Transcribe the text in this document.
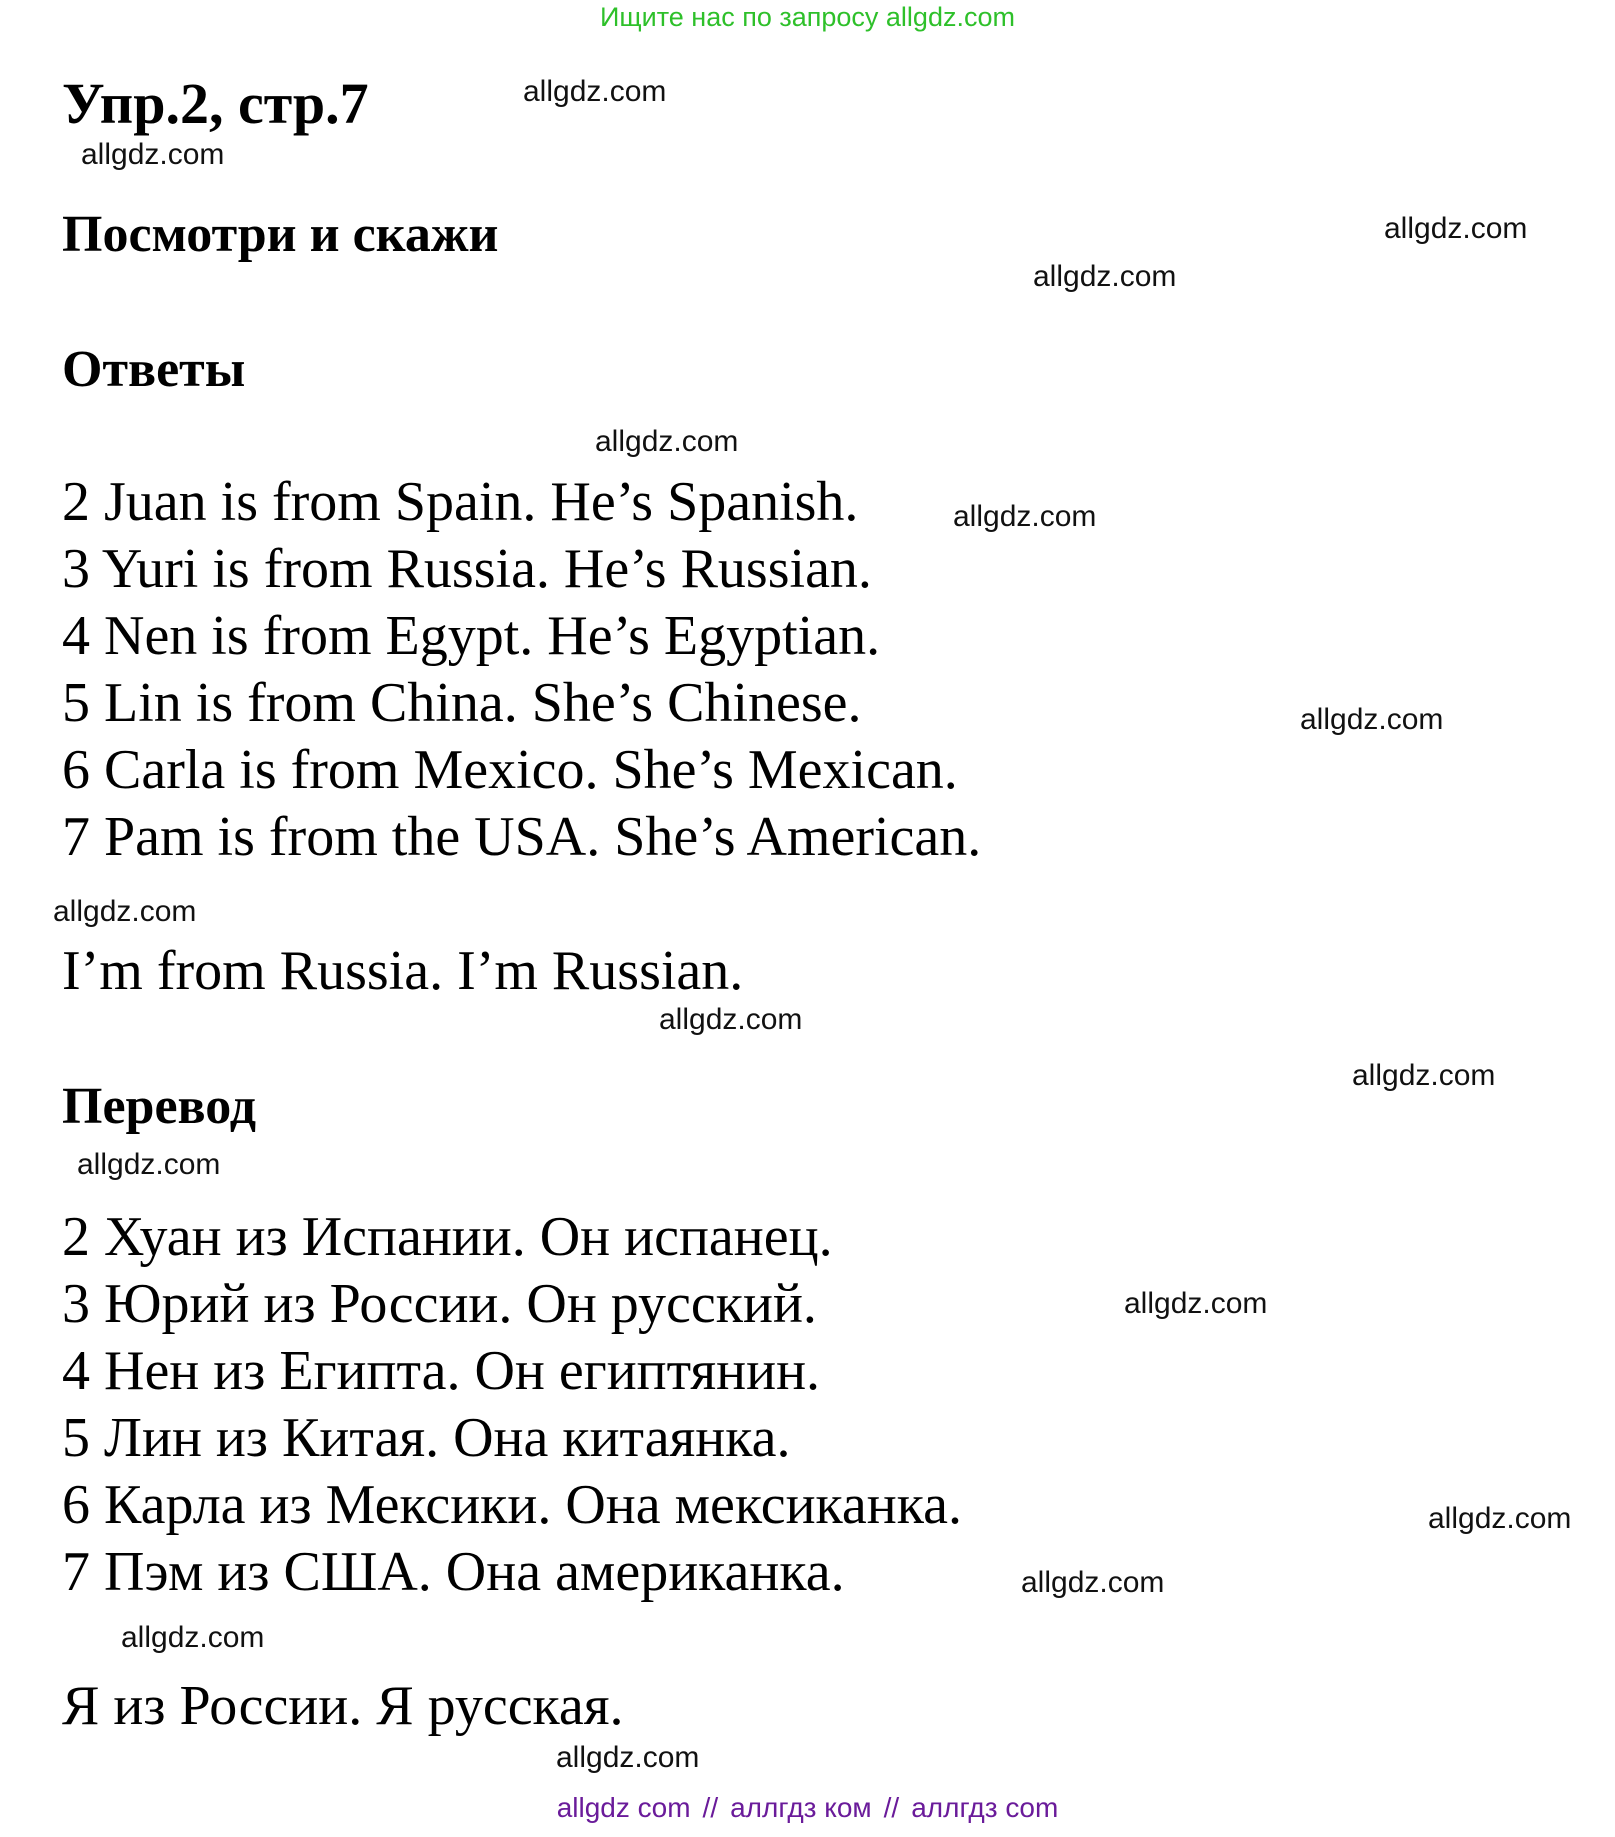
Ищите нас по запросу allgdz.com
Упр.2, стр.7	allgdz.com
allgdz.com
Посмотри и скажи	allgdz.com
allgdz.com
Ответы
allgdz.com
2 Juan is from Spain. He’s Spanish.
3 Yuri is from Russia. He’s Russian.
4 Nen is from Egypt. He’s Egyptian.
5 Lin is from China. She’s Chinese.
6 Carla is from Mexico. She’s Mexican.
7 Pam is from the USA. She’s American.
allgdz.com
allgdz.com
allgdz.com
I’m from Russia. I’m Russian.
allgdz.com
allgdz.com
Перевод
allgdz.com
2 Хуан из Испании. Он испанец.
3 Юрий из России. Он русский.
4 Нен из Египта. Он египтянин.
5 Лин из Китая. Она китаянка.
6 Карла из Мексики. Она мексиканка.
7 Пэм из США. Она американка.
allgdz.com
allgdz.com
allgdz.com
allgdz.com
Я из России. Я русская.
allgdz.com
allgdz com // аллгдз ком // аллгдз com
